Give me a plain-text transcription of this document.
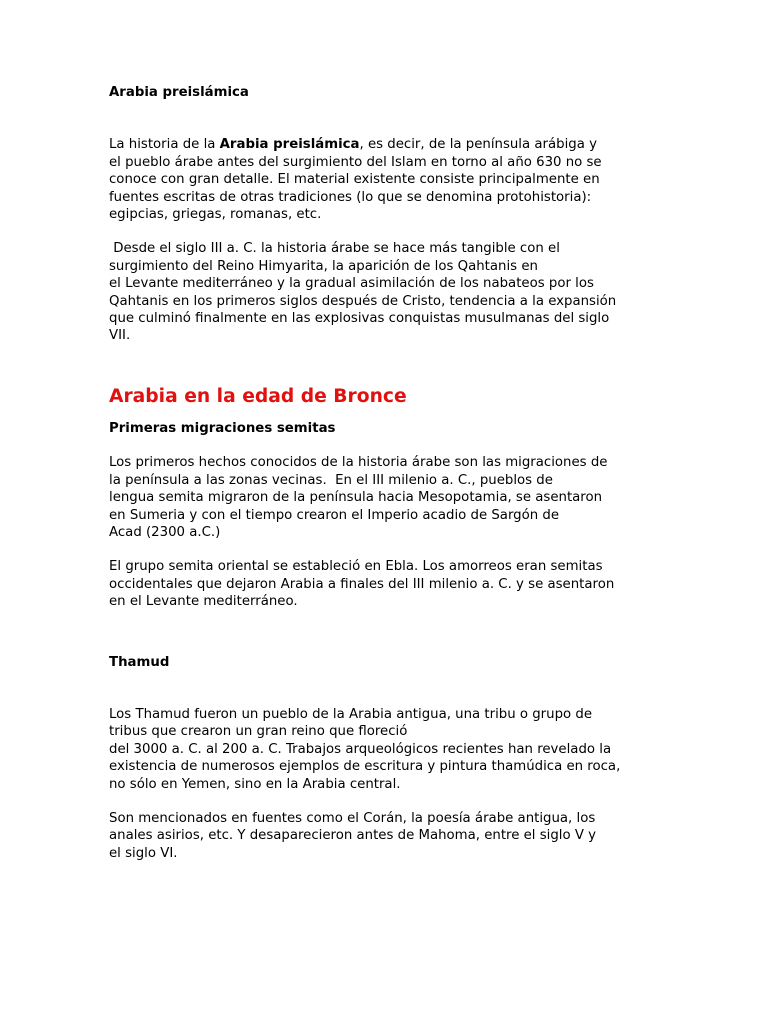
Arabia preislámica

La historia de la Arabia preislámica, es decir, de la península arábiga y
el pueblo árabe antes del surgimiento del Islam en torno al año 630 no se
conoce con gran detalle. El material existente consiste principalmente en
fuentes escritas de otras tradiciones (lo que se denomina protohistoria):
egipcias, griegas, romanas, etc.

Desde el siglo III a. C. la historia árabe se hace más tangible con el
surgimiento del Reino Himyarita, la aparición de los Qahtanis en
el Levante mediterráneo y la gradual asimilación de los nabateos por los
Qahtanis en los primeros siglos después de Cristo, tendencia a la expansión
que culminó finalmente en las explosivas conquistas musulmanas del siglo
VII.

Arabia en la edad de Bronce

Primeras migraciones semitas

Los primeros hechos conocidos de la historia árabe son las migraciones de
la península a las zonas vecinas.  En el III milenio a. C., pueblos de
lengua semita migraron de la península hacia Mesopotamia, se asentaron
en Sumeria y con el tiempo crearon el Imperio acadio de Sargón de
Acad (2300 a.C.)

El grupo semita oriental se estableció en Ebla. Los amorreos eran semitas
occidentales que dejaron Arabia a finales del III milenio a. C. y se asentaron
en el Levante mediterráneo.

Thamud

Los Thamud fueron un pueblo de la Arabia antigua, una tribu o grupo de
tribus que crearon un gran reino que floreció
del 3000 a. C. al 200 a. C. Trabajos arqueológicos recientes han revelado la
existencia de numerosos ejemplos de escritura y pintura thamúdica en roca,
no sólo en Yemen, sino en la Arabia central.

Son mencionados en fuentes como el Corán, la poesía árabe antigua, los
anales asirios, etc. Y desaparecieron antes de Mahoma, entre el siglo V y
el siglo VI.
